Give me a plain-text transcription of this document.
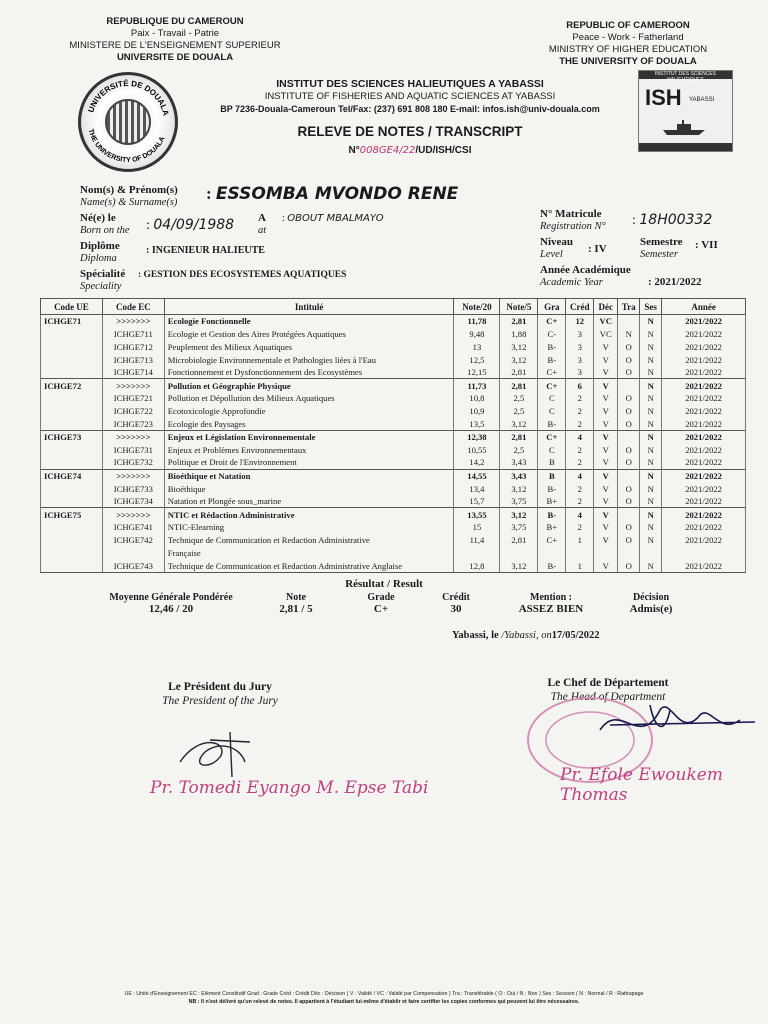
REPUBLIQUE DU CAMEROUN
Paix - Travail - Patrie
MINISTERE DE L'ENSEIGNEMENT SUPERIEUR
UNIVERSITE DE DOUALA
REPUBLIC OF CAMEROON
Peace - Work - Fatherland
MINISTRY OF HIGHER EDUCATION
THE UNIVERSITY OF DOUALA
UNIVERSITÉ DE DOUALA
THE UNIVERSITY OF DOUALA
INSTITUT DES SCIENCES HALIEUTIQUES A YABASSI
INSTITUTE OF FISHERIES AND AQUATIC SCIENCES AT YABASSI
BP 7236-Douala-Cameroun Tel/Fax: (237) 691 808 180 E-mail: infos.ish@univ-douala.com
RELEVE DE NOTES / TRANSCRIPT
N°008GE4/22/UD/ISH/CSI
INSTITUT DES SCIENCES HALIEUTIQUES
ISH YABASSI
Nom(s) & Prénom(s)
Name(s) & Surname(s) : ESSOMBA MVONDO RENE
Né(e) le
Born on the : 04/09/1988 A
at
: OBOUT MBALMAYO
Diplôme
Diploma
: INGENIEUR HALIEUTE
Spécialité
Speciality
: GESTION DES ECOSYSTEMES AQUATIQUES
N° Matricule
Registration N° : 18H00332
Niveau
Level	: IV
Semestre
Semester
: VII
Année Académique
Academic Year	: 2021/2022
Code UE	Code EC	Intitulé	Note/20	Note/5	Gra	Créd	Déc	Tra	Ses	Année
ICHGE71	>>>>>>>	Ecologie Fonctionnelle	11,78	2,81	C+	12	VC		N	2021/2022
	ICHGE711	Ecologie et Gestion des Aires Protégées Aquatiques	9,48	1,88	C-	3	VC	N	N	2021/2022
	ICHGE712	Peuplement des Milieux Aquatiques	13	3,12	B-	3	V	O	N	2021/2022
	ICHGE713	Microbiologie Environnementale et Pathologies liées à l'Eau	12,5	3,12	B-	3	V	O	N	2021/2022
	ICHGE714	Fonctionnement et Dysfonctionnement des Ecosystèmes	12,15	2,81	C+	3	V	O	N	2021/2022
ICHGE72	>>>>>>>	Pollution et Géographie Physique	11,73	2,81	C+	6	V		N	2021/2022
	ICHGE721	Pollution et Dépollution des Milieux Aquatiques	10,8	2,5	C	2	V	O	N	2021/2022
	ICHGE722	Ecotoxicologie Approfondie	10,9	2,5	C	2	V	O	N	2021/2022
	ICHGE723	Ecologie des Paysages	13,5	3,12	B-	2	V	O	N	2021/2022
ICHGE73	>>>>>>>	Enjeux et Législation Environnementale	12,38	2,81	C+	4	V		N	2021/2022
	ICHGE731	Enjeux et Problèmes Environnementaux	10,55	2,5	C	2	V	O	N	2021/2022
	ICHGE732	Politique et Droit de l'Environnement	14,2	3,43	B	2	V	O	N	2021/2022
ICHGE74	>>>>>>>	Bioéthique et Natation	14,55	3,43	B	4	V		N	2021/2022
	ICHGE733	Bioéthique	13,4	3,12	B-	2	V	O	N	2021/2022
	ICHGE734	Natation et Plongée sous_marine	15,7	3,75	B+	2	V	O	N	2021/2022
ICHGE75	>>>>>>>	NTIC et Rédaction Administrative	13,55	3,12	B-	4	V		N	2021/2022
	ICHGE741	NTIC-Elearning	15	3,75	B+	2	V	O	N	2021/2022
	ICHGE742	Technique de Communication et Redaction Administrative	11,4	2,81	C+	1	V	O	N	2021/2022
		Française								
	ICHGE743	Technique de Communication et Redaction Administrative Anglaise	12,8	3,12	B-	1	V	O	N	2021/2022
Résultat / Result
Moyenne Générale Pondérée
12,46 / 20
Note
2,81 / 5
Grade
C+
Crédit
30
Mention :
ASSEZ BIEN
Décision
Admis(e)
Yabassi, le /Yabassi, on17/05/2022
Le Président du Jury
The President of the Jury
Pr. Tomedi Eyango M. Epse Tabi
Le Chef de Département
The Head of Department
Pr. Efole Ewoukem Thomas
UE : Unité d'Enseignement EC : Elément Constitutif Grad : Grade Créd : Crédit Déc : Décision ( V : Validé / VC : Validé par Compensation ) Tra : Transférable ( O : Oui / N : Non ) Ses : Session ( N : Normal / R : Rattrapage
NB : Il n'est délivré qu'un relevé de notes. Il appartient à l'étudiant lui-même d'établir et faire certifier les copies conformes qui peuvent lui être nécessaires.
